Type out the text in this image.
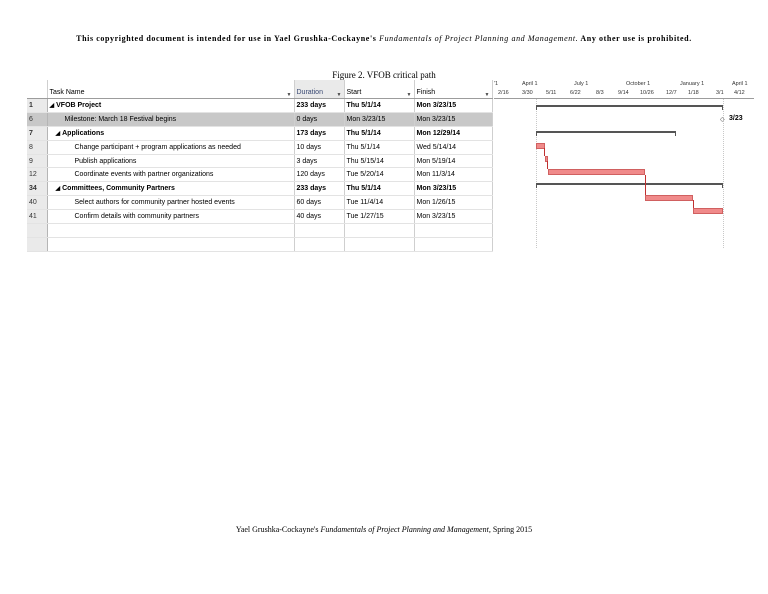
This copyrighted document is intended for use in Yael Grushka-Cockayne's Fundamentals of Project Planning and Management. Any other use is prohibited.
Figure 2. VFOB critical path
	Task Name ▼	Duration ▼	Start ▼	Finish ▼

1	◢ VFOB Project	233 days	Thu 5/1/14	Mon 3/23/15
6	Milestone: March 18 Festival begins	0 days	Mon 3/23/15	Mon 3/23/15
7	◢ Applications	173 days	Thu 5/1/14	Mon 12/29/14
8	Change participant + program applications as needed	10 days	Thu 5/1/14	Wed 5/14/14
9	Publish applications	3 days	Thu 5/15/14	Mon 5/19/14
12	Coordinate events with partner organizations	120 days	Tue 5/20/14	Mon 11/3/14
34	◢ Committees, Community Partners	233 days	Thu 5/1/14	Mon 3/23/15
40	Select authors for community partner hosted events	60 days	Tue 11/4/14	Mon 1/26/15
41	Confirm details with community partners	40 days	Tue 1/27/15	Mon 3/23/15

'1	April 1	July 1	October 1	January 1	April 1
2/16 3/30 5/11 6/22	8/3	9/14 10/26 12/7 1/18	3/1 4/12
◇ 3/23
Yael Grushka-Cockayne's Fundamentals of Project Planning and Management, Spring 2015
